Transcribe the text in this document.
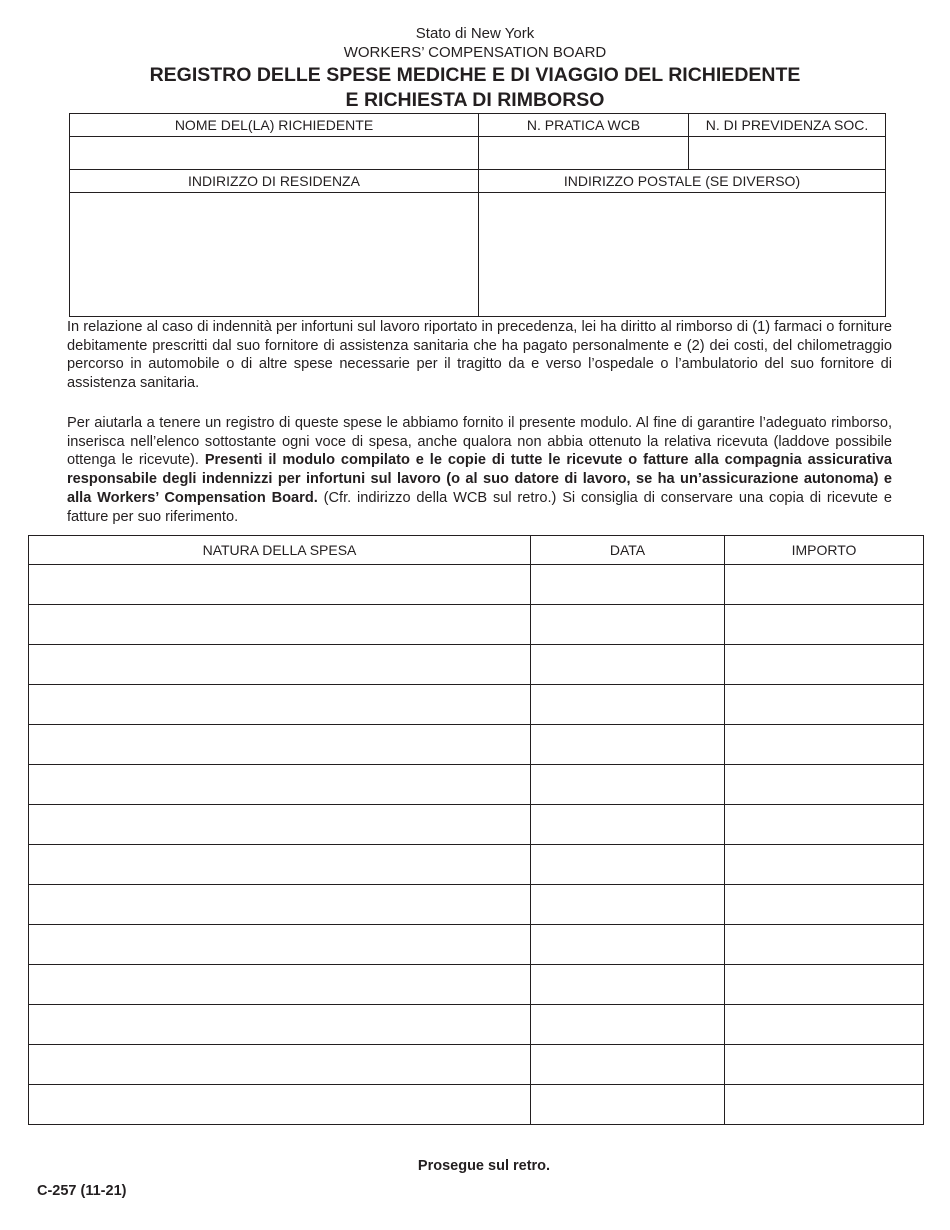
Stato di New York
WORKERS’ COMPENSATION BOARD
REGISTRO DELLE SPESE MEDICHE E DI VIAGGIO DEL RICHIEDENTE
E RICHIESTA DI RIMBORSO
NOME DEL(LA) RICHIEDENTE	N. PRATICA WCB	N. DI PREVIDENZA SOC.

INDIRIZZO DI RESIDENZA	INDIRIZZO POSTALE (SE DIVERSO)	

In relazione al caso di indennità per infortuni sul lavoro riportato in precedenza, lei ha diritto al rimborso di (1) farmaci o forniture debitamente prescritti dal suo fornitore di assistenza sanitaria che ha pagato personalmente e (2) dei costi, del chilometraggio percorso in automobile o di altre spese necessarie per il tragitto da e verso l’ospedale o l’ambulatorio del suo fornitore di assistenza sanitaria.
Per aiutarla a tenere un registro di queste spese le abbiamo fornito il presente modulo. Al fine di garantire l’adeguato rimborso, inserisca nell’elenco sottostante ogni voce di spesa, anche qualora non abbia ottenuto la relativa ricevuta (laddove possibile ottenga le ricevute). Presenti il modulo compilato e le copie di tutte le ricevute o fatture alla compagnia assicurativa responsabile degli indennizzi per infortuni sul lavoro (o al suo datore di lavoro, se ha un’assicurazione autonoma) e alla Workers’ Compensation Board. (Cfr. indirizzo della WCB sul retro.) Si consiglia di conservare una copia di ricevute e fatture per suo riferimento.
NATURA DELLA SPESA	DATA	IMPORTO

Prosegue sul retro.
C-257 (11-21)
